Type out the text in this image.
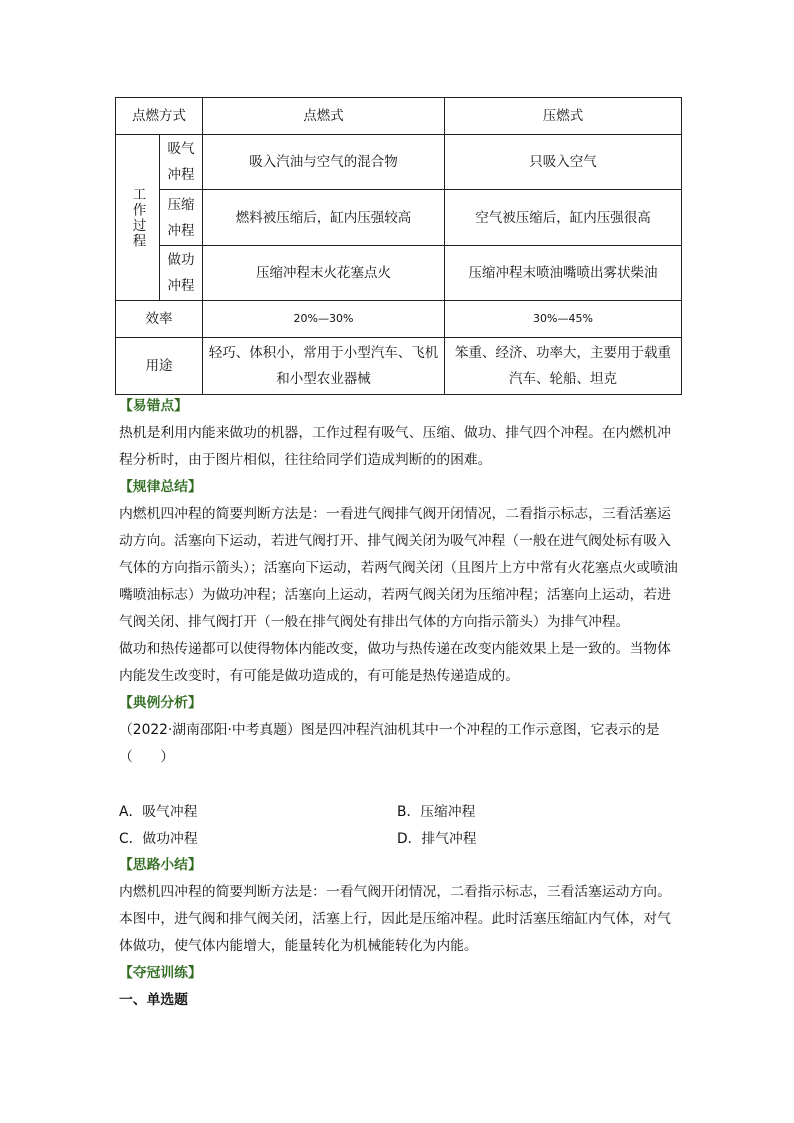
点燃方式		点燃式	压燃式
工作过程	吸气冲程	吸入汽油与空气的混合物	只吸入空气
	压缩冲程	燃料被压缩后，缸内压强较高	空气被压缩后，缸内压强很高
	做功冲程	压缩冲程末火花塞点火	压缩冲程末喷油嘴喷出雾状柴油
效率		20%—30%	30%—45%
用途		轻巧、体积小，常用于小型汽车、飞机和小型农业器械	笨重、经济、功率大，主要用于载重汽车、轮船、坦克
【易错点】
热机是利用内能来做功的机器，工作过程有吸气、压缩、做功、排气四个冲程。在内燃机冲程分析时，由于图片相似，往往给同学们造成判断的的困难。
【规律总结】
内燃机四冲程的简要判断方法是：一看进气阀排气阀开闭情况，二看指示标志，三看活塞运动方向。活塞向下运动，若进气阀打开、排气阀关闭为吸气冲程（一般在进气阀处标有吸入气体的方向指示箭头）；活塞向下运动，若两气阀关闭（且图片上方中常有火花塞点火或喷油嘴喷油标志）为做功冲程；活塞向上运动，若两气阀关闭为压缩冲程；活塞向上运动，若进气阀关闭、排气阀打开（一般在排气阀处有排出气体的方向指示箭头）为排气冲程。
做功和热传递都可以使得物体内能改变，做功与热传递在改变内能效果上是一致的。当物体内能发生改变时，有可能是做功造成的，有可能是热传递造成的。
【典例分析】
（2022·湖南邵阳·中考真题）图是四冲程汽油机其中一个冲程的工作示意图，它表示的是（　　）
A．吸气冲程	B．压缩冲程
C．做功冲程	D．排气冲程
【思路小结】
内燃机四冲程的简要判断方法是：一看气阀开闭情况，二看指示标志，三看活塞运动方向。本图中，进气阀和排气阀关闭，活塞上行，因此是压缩冲程。此时活塞压缩缸内气体，对气体做功，使气体内能增大，能量转化为机械能转化为内能。
【夺冠训练】
一、单选题
